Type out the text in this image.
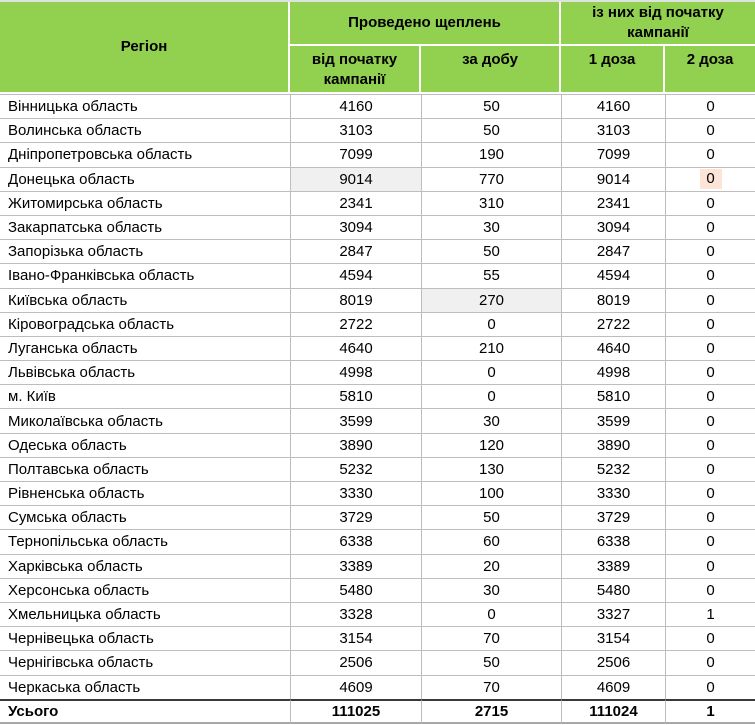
Регіон	Проведено щеплень		із них від початку кампанії	
	від початку кампанії	за добу	1 доза	2 доза
Вінницька область	4160	50	4160	0
Волинська область	3103	50	3103	0
Дніпропетровська область	7099	190	7099	0
Донецька область	9014	770	9014	0
Житомирська область	2341	310	2341	0
Закарпатська область	3094	30	3094	0
Запорізька область	2847	50	2847	0
Івано-Франківська область	4594	55	4594	0
Київська область	8019	270	8019	0
Кіровоградська область	2722	0	2722	0
Луганська область	4640	210	4640	0
Львівська область	4998	0	4998	0
м. Київ	5810	0	5810	0
Миколаївська область	3599	30	3599	0
Одеська область	3890	120	3890	0
Полтавська область	5232	130	5232	0
Рівненська область	3330	100	3330	0
Сумська область	3729	50	3729	0
Тернопільська область	6338	60	6338	0
Харківська область	3389	20	3389	0
Херсонська область	5480	30	5480	0
Хмельницька область	3328	0	3327	1
Чернівецька область	3154	70	3154	0
Чернігівська область	2506	50	2506	0
Черкаська область	4609	70	4609	0
Усього	111025	2715	111024	1
